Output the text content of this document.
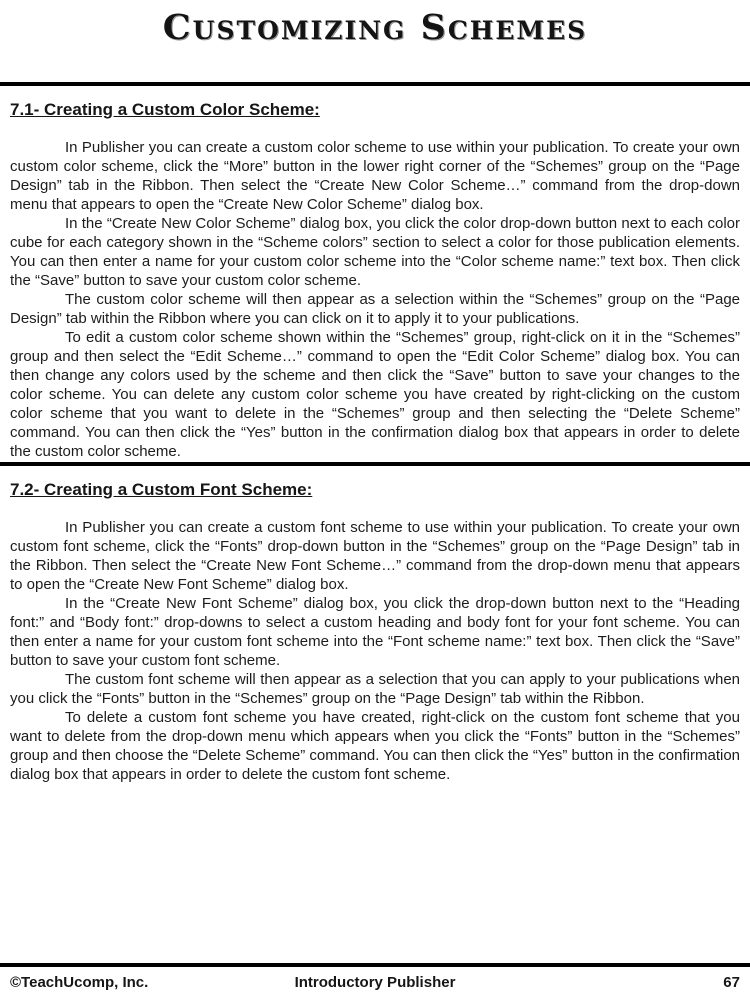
Customizing Schemes
7.1- Creating a Custom Color Scheme:

In Publisher you can create a custom color scheme to use within your publication. To create your own custom color scheme, click the “More” button in the lower right corner of the “Schemes” group on the “Page Design” tab in the Ribbon. Then select the “Create New Color Scheme…” command from the drop-down menu that appears to open the “Create New Color Scheme” dialog box.

In the “Create New Color Scheme” dialog box, you click the color drop-down button next to each color cube for each category shown in the “Scheme colors” section to select a color for those publication elements. You can then enter a name for your custom color scheme into the “Color scheme name:” text box. Then click the “Save” button to save your custom color scheme.

The custom color scheme will then appear as a selection within the “Schemes” group on the “Page Design” tab within the Ribbon where you can click on it to apply it to your publications.

To edit a custom color scheme shown within the “Schemes” group, right-click on it in the “Schemes” group and then select the “Edit Scheme…” command to open the “Edit Color Scheme” dialog box. You can then change any colors used by the scheme and then click the “Save” button to save your changes to the color scheme. You can delete any custom color scheme you have created by right-clicking on the custom color scheme that you want to delete in the “Schemes” group and then selecting the “Delete Scheme” command. You can then click the “Yes” button in the confirmation dialog box that appears in order to delete the custom color scheme.

7.2- Creating a Custom Font Scheme:

In Publisher you can create a custom font scheme to use within your publication. To create your own custom font scheme, click the “Fonts” drop-down button in the “Schemes” group on the “Page Design” tab in the Ribbon. Then select the “Create New Font Scheme…” command from the drop-down menu that appears to open the “Create New Font Scheme” dialog box.

In the “Create New Font Scheme” dialog box, you click the drop-down button next to the “Heading font:” and “Body font:” drop-downs to select a custom heading and body font for your font scheme. You can then enter a name for your custom font scheme into the “Font scheme name:” text box. Then click the “Save” button to save your custom font scheme.

The custom font scheme will then appear as a selection that you can apply to your publications when you click the “Fonts” button in the “Schemes” group on the “Page Design” tab within the Ribbon.

To delete a custom font scheme you have created, right-click on the custom font scheme that you want to delete from the drop-down menu which appears when you click the “Fonts” button in the “Schemes” group and then choose the “Delete Scheme” command. You can then click the “Yes” button in the confirmation dialog box that appears in order to delete the custom font scheme.

©TeachUcomp, Inc.	Introductory Publisher	67
